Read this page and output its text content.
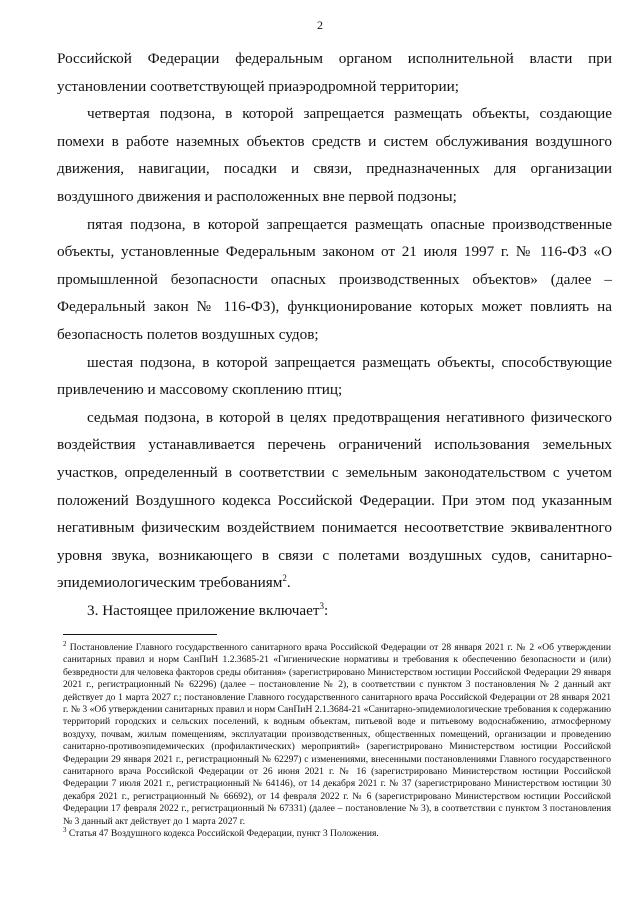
2

Российской Федерации федеральным органом исполнительной власти при установлении соответствующей приаэродромной территории;

четвертая подзона, в которой запрещается размещать объекты, создающие помехи в работе наземных объектов средств и систем обслуживания воздушного движения, навигации, посадки и связи, предназначенных для организации воздушного движения и расположенных вне первой подзоны;

пятая подзона, в которой запрещается размещать опасные производственные объекты, установленные Федеральным законом от 21 июля 1997 г. № 116-ФЗ «О промышленной безопасности опасных производственных объектов» (далее – Федеральный закон № 116-ФЗ), функционирование которых может повлиять на безопасность полетов воздушных судов;

шестая подзона, в которой запрещается размещать объекты, способствующие привлечению и массовому скоплению птиц;

седьмая подзона, в которой в целях предотвращения негативного физического воздействия устанавливается перечень ограничений использования земельных участков, определенный в соответствии с земельным законодательством с учетом положений Воздушного кодекса Российской Федерации. При этом под указанным негативным физическим воздействием понимается несоответствие эквивалентного уровня звука, возникающего в связи с полетами воздушных судов, санитарно-эпидемиологическим требованиям$^2$.

3. Настоящее приложение включает$^3$:

$^2$ Постановление Главного государственного санитарного врача Российской Федерации от 28 января 2021 г. № 2 «Об утверждении санитарных правил и норм СанПиН 1.2.3685-21 «Гигиенические нормативы и требования к обеспечению безопасности и (или) безвредности для человека факторов среды обитания» (зарегистрировано Министерством юстиции Российской Федерации 29 января 2021 г., регистрационный № 62296) (далее – постановление № 2), в соответствии с пунктом 3 постановления № 2 данный акт действует до 1 марта 2027 г.; постановление Главного государственного санитарного врача Российской Федерации от 28 января 2021 г. № 3 «Об утверждении санитарных правил и норм СанПиН 2.1.3684-21 «Санитарно-эпидемиологические требования к содержанию территорий городских и сельских поселений, к водным объектам, питьевой воде и питьевому водоснабжению, атмосферному воздуху, почвам, жилым помещениям, эксплуатации производственных, общественных помещений, организации и проведению санитарно-противоэпидемических (профилактических) мероприятий» (зарегистрировано Министерством юстиции Российской Федерации 29 января 2021 г., регистрационный № 62297) с изменениями, внесенными постановлениями Главного государственного санитарного врача Российской Федерации от 26 июня 2021 г. № 16 (зарегистрировано Министерством юстиции Российской Федерации 7 июля 2021 г., регистрационный № 64146), от 14 декабря 2021 г. № 37 (зарегистрировано Министерством юстиции 30 декабря 2021 г., регистрационный № 66692), от 14 февраля 2022 г. № 6 (зарегистрировано Министерством юстиции Российской Федерации 17 февраля 2022 г., регистрационный № 67331) (далее – постановление № 3), в соответствии с пунктом 3 постановления № 3 данный акт действует до 1 марта 2027 г.

$^3$ Статья 47 Воздушного кодекса Российской Федерации, пункт 3 Положения.
